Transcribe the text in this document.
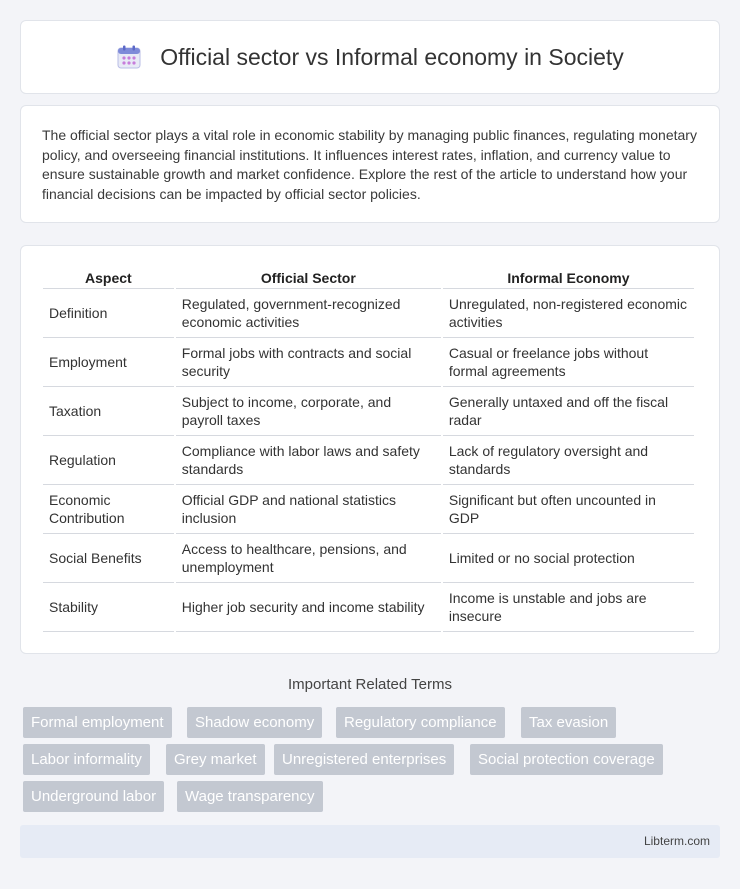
Official sector vs Informal economy in Society

The official sector plays a vital role in economic stability by managing public finances, regulating monetary policy, and overseeing financial institutions. It influences interest rates, inflation, and currency value to ensure sustainable growth and market confidence. Explore the rest of the article to understand how your financial decisions can be impacted by official sector policies.

Aspect	Official Sector	Informal Economy
Definition	Regulated, government-recognized economic activities	Unregulated, non-registered economic activities
Employment	Formal jobs with contracts and social security	Casual or freelance jobs without formal agreements
Taxation	Subject to income, corporate, and payroll taxes	Generally untaxed and off the fiscal radar
Regulation	Compliance with labor laws and safety standards	Lack of regulatory oversight and standards
Economic Contribution	Official GDP and national statistics inclusion	Significant but often uncounted in GDP
Social Benefits	Access to healthcare, pensions, and unemployment	Limited or no social protection
Stability	Higher job security and income stability	Income is unstable and jobs are insecure
Important Related Terms
Formal employment	Shadow economy	Regulatory compliance	Tax evasion
Labor informality	Grey market	Unregistered enterprises	Social protection coverage
Underground labor	Wage transparency
Libterm.com
